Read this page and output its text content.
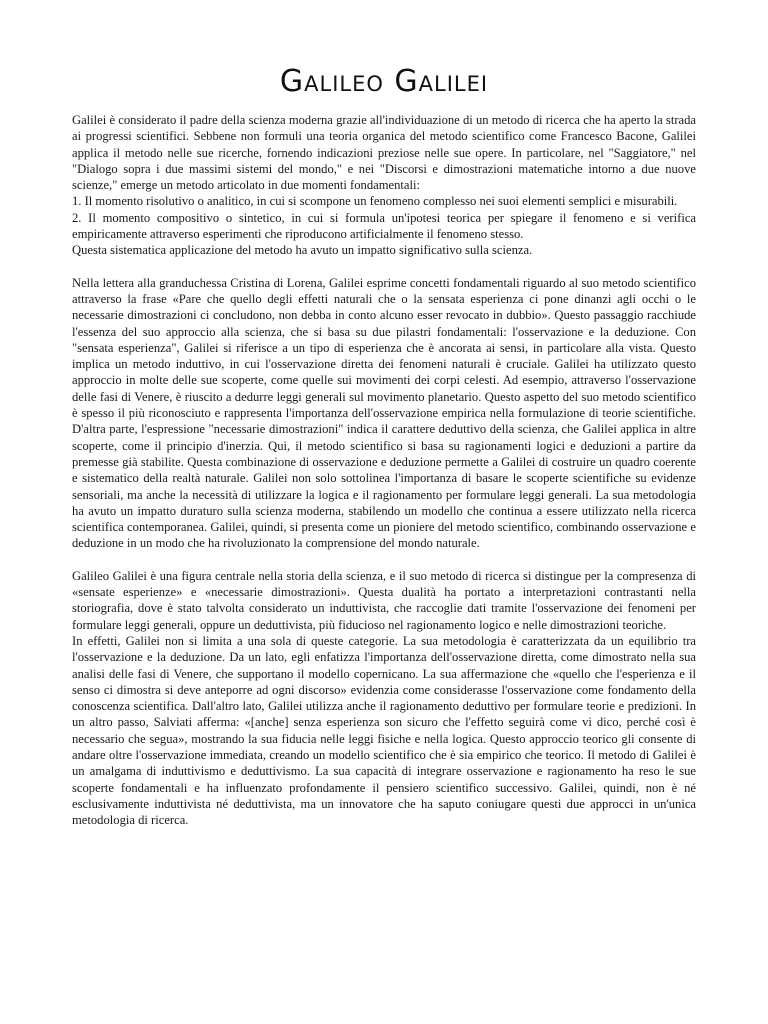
Galileo Galilei

Galilei è considerato il padre della scienza moderna grazie all'individuazione di un metodo di ricerca che ha aperto la strada ai progressi scientifici. Sebbene non formuli una teoria organica del metodo scientifico come Francesco Bacone, Galilei applica il metodo nelle sue ricerche, fornendo indicazioni preziose nelle sue opere. In particolare, nel "Saggiatore," nel "Dialogo sopra i due massimi sistemi del mondo," e nei "Discorsi e dimostrazioni matematiche intorno a due nuove scienze," emerge un metodo articolato in due momenti fondamentali:

1. Il momento risolutivo o analitico, in cui si scompone un fenomeno complesso nei suoi elementi semplici e misurabili.

2. Il momento compositivo o sintetico, in cui si formula un'ipotesi teorica per spiegare il fenomeno e si verifica empiricamente attraverso esperimenti che riproducono artificialmente il fenomeno stesso.

Questa sistematica applicazione del metodo ha avuto un impatto significativo sulla scienza.

Nella lettera alla granduchessa Cristina di Lorena, Galilei esprime concetti fondamentali riguardo al suo metodo scientifico attraverso la frase «Pare che quello degli effetti naturali che o la sensata esperienza ci pone dinanzi agli occhi o le necessarie dimostrazioni ci concludono, non debba in conto alcuno esser revocato in dubbio». Questo passaggio racchiude l'essenza del suo approccio alla scienza, che si basa su due pilastri fondamentali: l'osservazione e la deduzione. Con "sensata esperienza", Galilei si riferisce a un tipo di esperienza che è ancorata ai sensi, in particolare alla vista. Questo implica un metodo induttivo, in cui l'osservazione diretta dei fenomeni naturali è cruciale. Galilei ha utilizzato questo approccio in molte delle sue scoperte, come quelle sui movimenti dei corpi celesti. Ad esempio, attraverso l'osservazione delle fasi di Venere, è riuscito a dedurre leggi generali sul movimento planetario. Questo aspetto del suo metodo scientifico è spesso il più riconosciuto e rappresenta l'importanza dell'osservazione empirica nella formulazione di teorie scientifiche. D'altra parte, l'espressione "necessarie dimostrazioni" indica il carattere deduttivo della scienza, che Galilei applica in altre scoperte, come il principio d'inerzia. Qui, il metodo scientifico si basa su ragionamenti logici e deduzioni a partire da premesse già stabilite. Questa combinazione di osservazione e deduzione permette a Galilei di costruire un quadro coerente e sistematico della realtà naturale. Galilei non solo sottolinea l'importanza di basare le scoperte scientifiche su evidenze sensoriali, ma anche la necessità di utilizzare la logica e il ragionamento per formulare leggi generali. La sua metodologia ha avuto un impatto duraturo sulla scienza moderna, stabilendo un modello che continua a essere utilizzato nella ricerca scientifica contemporanea. Galilei, quindi, si presenta come un pioniere del metodo scientifico, combinando osservazione e deduzione in un modo che ha rivoluzionato la comprensione del mondo naturale.

Galileo Galilei è una figura centrale nella storia della scienza, e il suo metodo di ricerca si distingue per la compresenza di «sensate esperienze» e «necessarie dimostrazioni». Questa dualità ha portato a interpretazioni contrastanti nella storiografia, dove è stato talvolta considerato un induttivista, che raccoglie dati tramite l'osservazione dei fenomeni per formulare leggi generali, oppure un deduttivista, più fiducioso nel ragionamento logico e nelle dimostrazioni teoriche.

In effetti, Galilei non si limita a una sola di queste categorie. La sua metodologia è caratterizzata da un equilibrio tra l'osservazione e la deduzione. Da un lato, egli enfatizza l'importanza dell'osservazione diretta, come dimostrato nella sua analisi delle fasi di Venere, che supportano il modello copernicano. La sua affermazione che «quello che l'esperienza e il senso ci dimostra si deve anteporre ad ogni discorso» evidenzia come considerasse l'osservazione come fondamento della conoscenza scientifica. Dall'altro lato, Galilei utilizza anche il ragionamento deduttivo per formulare teorie e predizioni. In un altro passo, Salviati afferma: «[anche] senza esperienza son sicuro che l'effetto seguirà come vi dico, perché così è necessario che segua», mostrando la sua fiducia nelle leggi fisiche e nella logica. Questo approccio teorico gli consente di andare oltre l'osservazione immediata, creando un modello scientifico che è sia empirico che teorico. Il metodo di Galilei è un amalgama di induttivismo e deduttivismo. La sua capacità di integrare osservazione e ragionamento ha reso le sue scoperte fondamentali e ha influenzato profondamente il pensiero scientifico successivo. Galilei, quindi, non è né esclusivamente induttivista né deduttivista, ma un innovatore che ha saputo coniugare questi due approcci in un'unica metodologia di ricerca.
